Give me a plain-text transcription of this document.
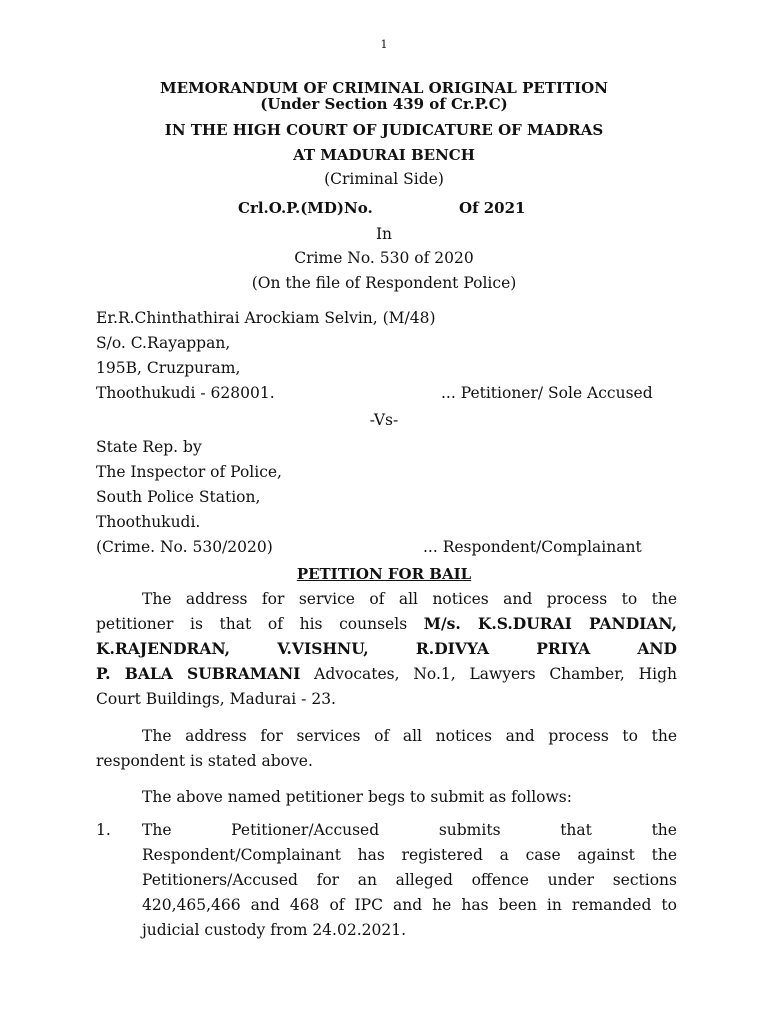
1
MEMORANDUM OF CRIMINAL ORIGINAL PETITION
(Under Section 439 of Cr.P.C)
IN THE HIGH COURT OF JUDICATURE OF MADRAS
AT MADURAI BENCH
(Criminal Side)
Crl.O.P.(MD)No.	Of 2021
In
Crime No. 530 of 2020
(On the file of Respondent Police)
Er.R.Chinthathirai Arockiam Selvin, (M/48)
S/o. C.Rayappan,
195B, Cruzpuram,
Thoothukudi - 628001.	... Petitioner/ Sole Accused
-Vs-
State Rep. by
The Inspector of Police,
South Police Station,
Thoothukudi.
(Crime. No. 530/2020)	... Respondent/Complainant
PETITION FOR BAIL
The address for service of all notices and process to the
petitioner is that of his counsels M/s. K.S.DURAI PANDIAN,
K.RAJENDRAN,	V.VISHNU,	R.DIVYA	PRIYA	AND
P. BALA SUBRAMANI Advocates, No.1, Lawyers Chamber, High
Court Buildings, Madurai - 23.
The address for services of all notices and process to the
respondent is stated above.
The above named petitioner begs to submit as follows:
1. The	Petitioner/Accused	submits	that	the
Respondent/Complainant has registered a case against the
Petitioners/Accused for an alleged offence under sections
420,465,466 and 468 of IPC and he has been in remanded to
judicial custody from 24.02.2021.
